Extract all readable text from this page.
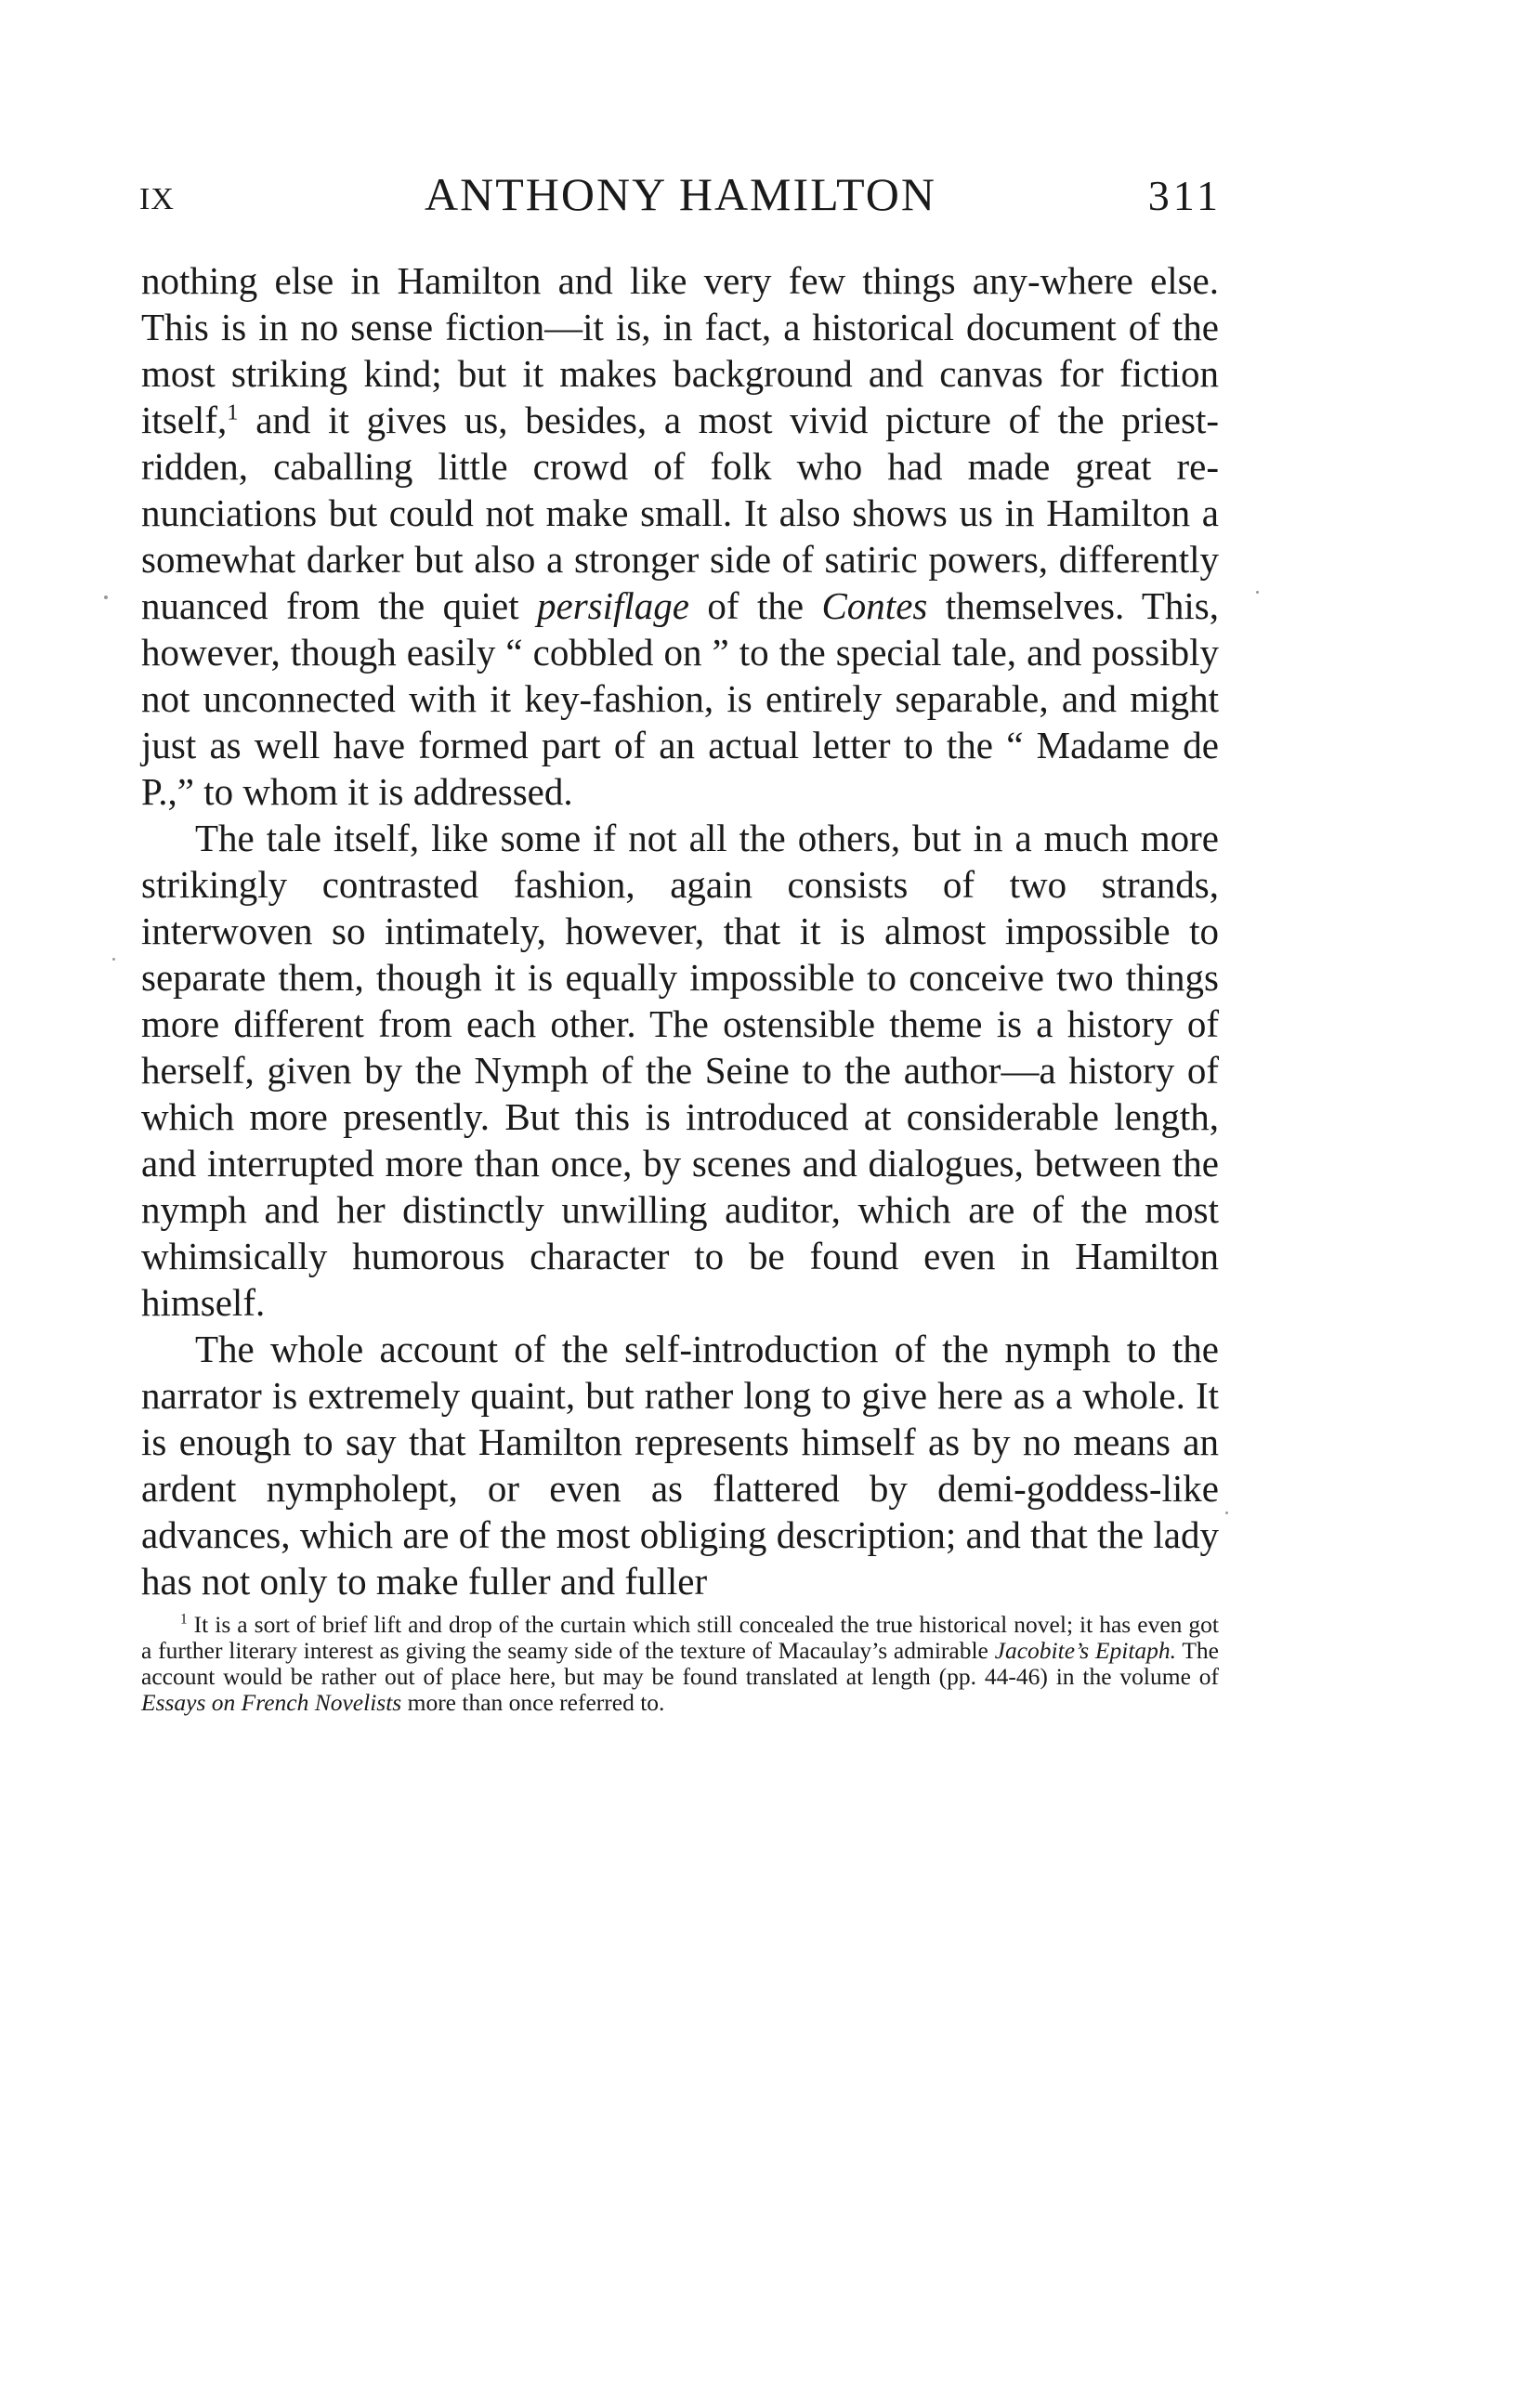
IX	ANTHONY HAMILTON	311

nothing else in Hamilton and like very few things any-where else. This is in no sense fiction—it is, in fact, a historical document of the most striking kind; but it makes background and canvas for fiction itself,$^1$ and it gives us, besides, a most vivid picture of the priest-ridden, caballing little crowd of folk who had made great re-nunciations but could not make small. It also shows us in Hamilton a somewhat darker but also a stronger side of satiric powers, differently nuanced from the quiet persiflage of the Contes themselves. This, however, though easily “ cobbled on ” to the special tale, and possibly not unconnected with it key-fashion, is entirely separable, and might just as well have formed part of an actual letter to the “ Madame de P.,” to whom it is addressed.

The tale itself, like some if not all the others, but in a much more strikingly contrasted fashion, again consists of two strands, interwoven so intimately, however, that it is almost impossible to separate them, though it is equally impossible to conceive two things more different from each other. The ostensible theme is a history of herself, given by the Nymph of the Seine to the author—a history of which more presently. But this is introduced at considerable length, and interrupted more than once, by scenes and dialogues, between the nymph and her distinctly unwilling auditor, which are of the most whimsically humorous character to be found even in Hamilton himself.

The whole account of the self-introduction of the nymph to the narrator is extremely quaint, but rather long to give here as a whole. It is enough to say that Hamilton represents himself as by no means an ardent nympholept, or even as flattered by demi-goddess-like advances, which are of the most obliging description; and that the lady has not only to make fuller and fuller

$^1$ It is a sort of brief lift and drop of the curtain which still concealed the true historical novel; it has even got a further literary interest as giving the seamy side of the texture of Macaulay’s admirable Jacobite’s Epitaph. The account would be rather out of place here, but may be found translated at length (pp. 44-46) in the volume of Essays on French Novelists more than once referred to.
